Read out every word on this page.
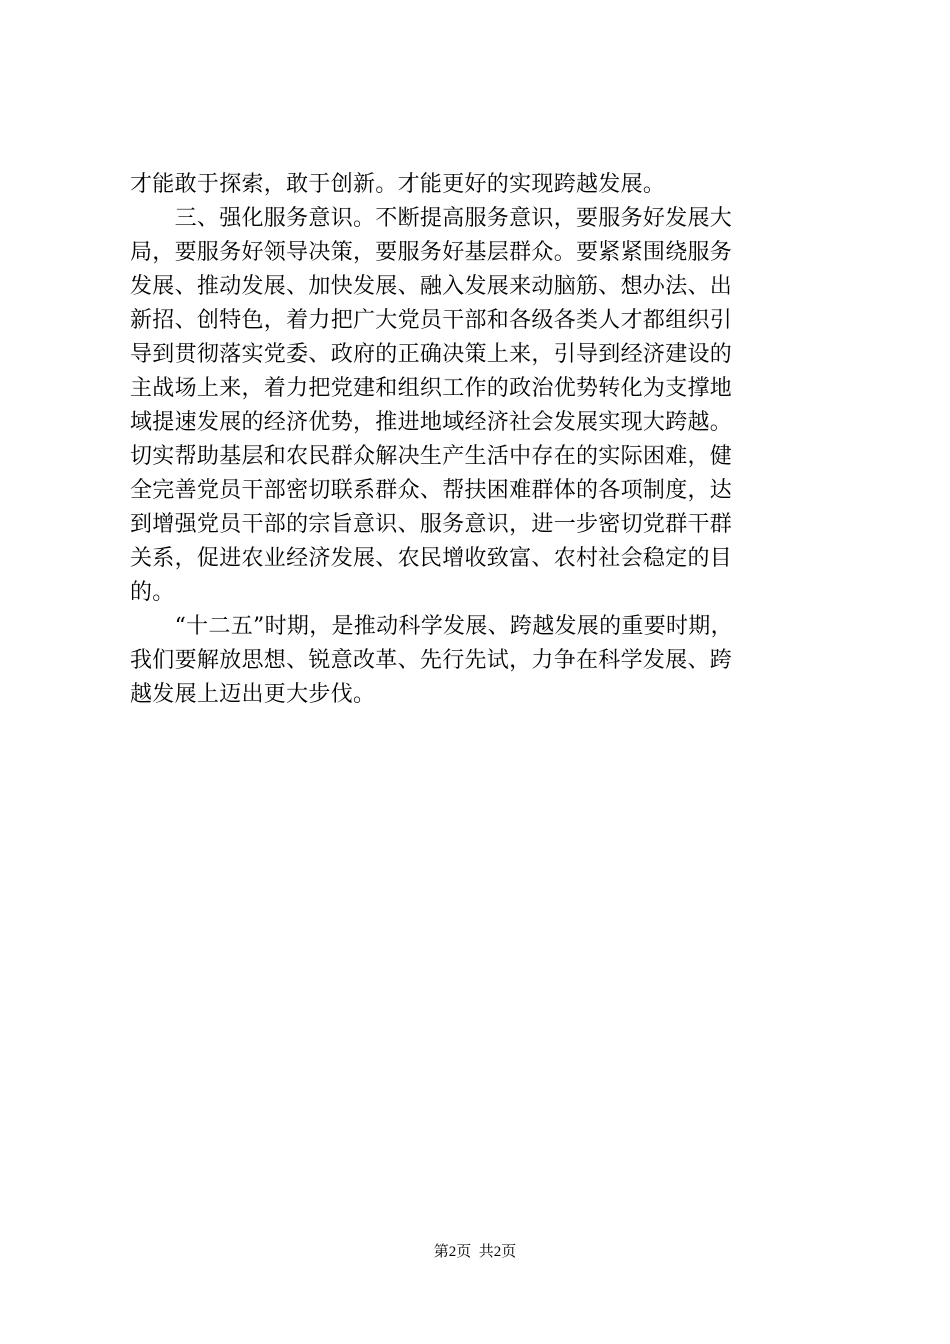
才能敢于探索，敢于创新。才能更好的实现跨越发展。
　　三、强化服务意识。不断提高服务意识，要服务好发展大
局，要服务好领导决策，要服务好基层群众。要紧紧围绕服务
发展、推动发展、加快发展、融入发展来动脑筋、想办法、出
新招、创特色，着力把广大党员干部和各级各类人才都组织引
导到贯彻落实党委、政府的正确决策上来，引导到经济建设的
主战场上来，着力把党建和组织工作的政治优势转化为支撑地
域提速发展的经济优势，推进地域经济社会发展实现大跨越。
切实帮助基层和农民群众解决生产生活中存在的实际困难，健
全完善党员干部密切联系群众、帮扶困难群体的各项制度，达
到增强党员干部的宗旨意识、服务意识，进一步密切党群干群
关系，促进农业经济发展、农民增收致富、农村社会稳定的目
的。
　　“十二五”时期，是推动科学发展、跨越发展的重要时期，
我们要解放思想、锐意改革、先行先试，力争在科学发展、跨
越发展上迈出更大步伐。
第2页  共2页
